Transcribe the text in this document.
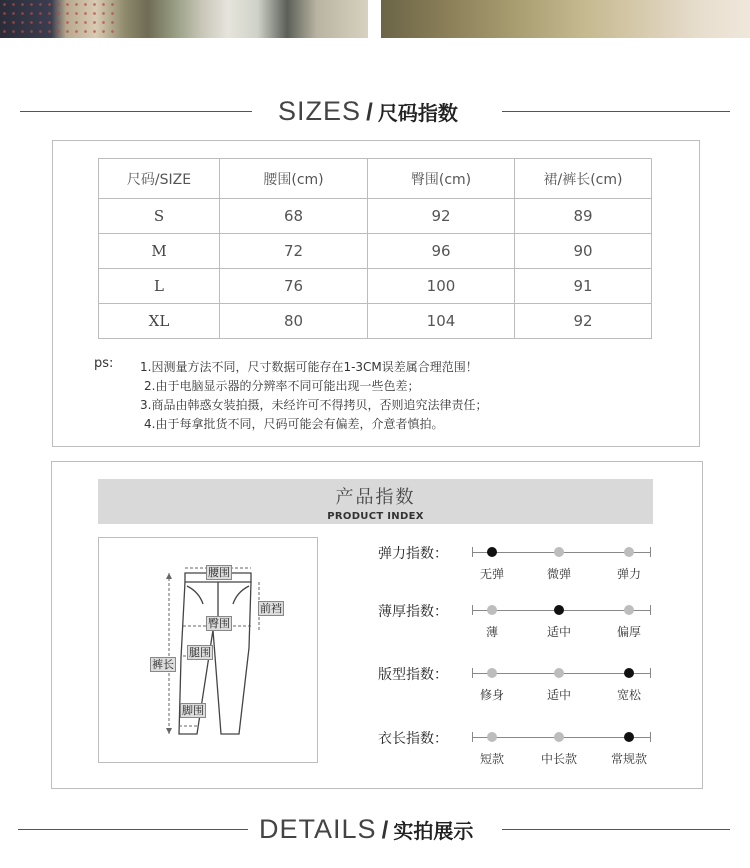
SIZES / 尺码指数
尺码/SIZE	腰围(cm)	臀围(cm)	裙/裤长(cm)
S	68	92	89
M	72	96	90
L	76	100	91
XL	80	104	92
ps: 1.因测量方法不同，尺寸数据可能存在1-3CM误差属合理范围！
2.由于电脑显示器的分辨率不同可能出现一些色差；
3.商品由韩惑女装拍摄，未经许可不得拷贝，否则追究法律责任；
4.由于每拿批货不同，尺码可能会有偏差，介意者慎拍。
产品指数
PRODUCT INDEX
腰围
前裆
臀围
腿围
裤长
脚围
弹力指数：
无弹	微弹	弹力
薄厚指数：
薄	适中	偏厚
版型指数：
修身	适中	宽松
衣长指数：
短款	中长款	常规款
DETAILS / 实拍展示
